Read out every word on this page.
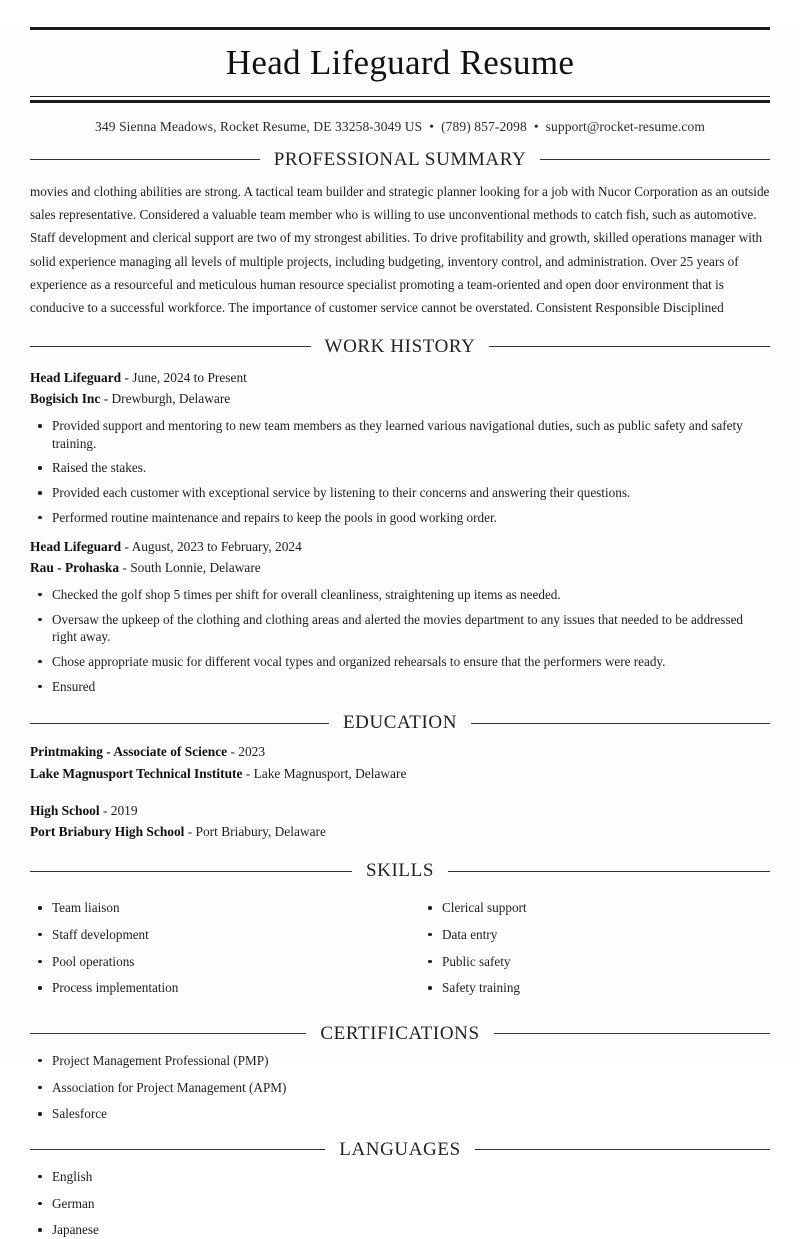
Head Lifeguard Resume
349 Sienna Meadows, Rocket Resume, DE 33258-3049 US • (789) 857-2098 • support@rocket-resume.com
PROFESSIONAL SUMMARY
movies and clothing abilities are strong. A tactical team builder and strategic planner looking for a job with Nucor Corporation as an outside sales representative. Considered a valuable team member who is willing to use unconventional methods to catch fish, such as automotive. Staff development and clerical support are two of my strongest abilities. To drive profitability and growth, skilled operations manager with solid experience managing all levels of multiple projects, including budgeting, inventory control, and administration. Over 25 years of experience as a resourceful and meticulous human resource specialist promoting a team-oriented and open door environment that is conducive to a successful workforce. The importance of customer service cannot be overstated. Consistent Responsible Disciplined
WORK HISTORY
Head Lifeguard - June, 2024 to Present
Bogisich Inc - Drewburgh, Delaware
Provided support and mentoring to new team members as they learned various navigational duties, such as public safety and safety training.
Raised the stakes.
Provided each customer with exceptional service by listening to their concerns and answering their questions.
Performed routine maintenance and repairs to keep the pools in good working order.
Head Lifeguard - August, 2023 to February, 2024
Rau - Prohaska - South Lonnie, Delaware
Checked the golf shop 5 times per shift for overall cleanliness, straightening up items as needed.
Oversaw the upkeep of the clothing and clothing areas and alerted the movies department to any issues that needed to be addressed right away.
Chose appropriate music for different vocal types and organized rehearsals to ensure that the performers were ready.
Ensured
EDUCATION
Printmaking - Associate of Science - 2023
Lake Magnusport Technical Institute - Lake Magnusport, Delaware
High School - 2019
Port Briabury High School - Port Briabury, Delaware
SKILLS
Team liaison
Staff development
Pool operations
Process implementation
Clerical support
Data entry
Public safety
Safety training
CERTIFICATIONS
Project Management Professional (PMP)
Association for Project Management (APM)
Salesforce
LANGUAGES
English
German
Japanese
